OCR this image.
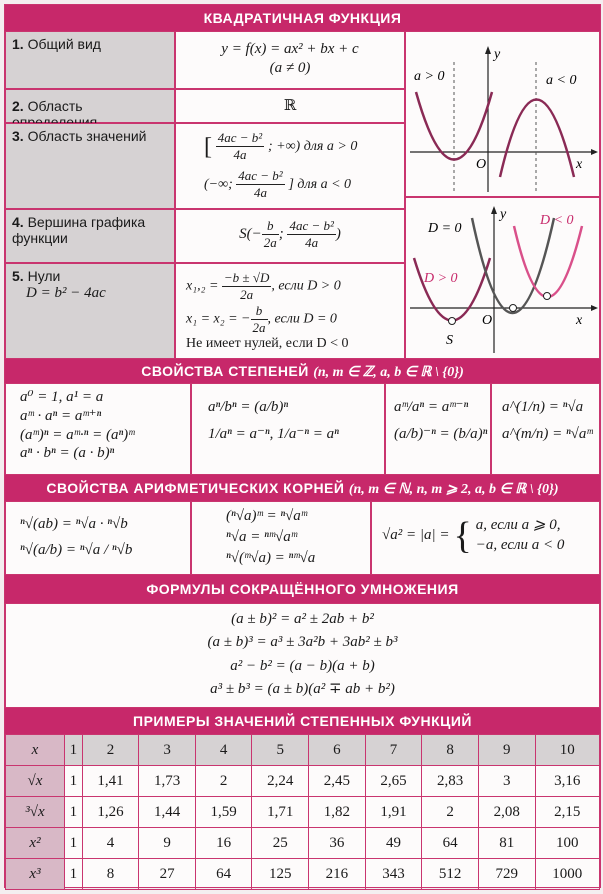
КВАДРАТИЧНАЯ ФУНКЦИЯ
1. Общий вид	y = f(x) = ax² + bx + c
(a ≠ 0)
2. Область	ℝ
3. Область значений	[ $\frac{\text{4ac − b²}}{4a}$ ; +∞) для a > 0
(−∞; $\frac{\text{4ac − b²}}{4a}$ ] для a < 0
4. Вершина графика функции	$S(- \frac{b}{2a}$ ; $\frac{\text{4ac − b²}}{4a}$ )
5. Нули
D = b² − 4ac	$x_1,_2 = \frac{-b \pm √D}{2a}$ , если D > 0
x₁ = x₂ = − $\frac{b}{2a}$ , если D = 0
Не имеет нулей, если D < 0
a > 0	a < 0
x
y
O
D = 0
D > 0
D < 0
x
y
O
S
СВОЙСТВА СТЕПЕНЕЙ (n, m ∈ ℤ, a, b ∈ ℝ \ {0})
a⁰ = 1, a¹ = a
aᵐ · aⁿ = aᵐ⁺ⁿ
(aᵐ)ⁿ = aᵐ·ⁿ = (aⁿ)ᵐ
aⁿ · bⁿ = (a · b)ⁿ
aⁿ/bⁿ = (a/b)ⁿ
1/aⁿ = a⁻ⁿ, 1/a⁻ⁿ = aⁿ
aᵐ/aⁿ = aᵐ⁻ⁿ
(a/b)⁻ⁿ = (b/a)ⁿ
a^(1/n) = ⁿ√a
a^(m/n) = ⁿ√aᵐ
СВОЙСТВА АРИФМЕТИЧЕСКИХ КОРНЕЙ (n, m ∈ ℕ, n, m ⩾ 2, a, b ∈ ℝ \ {0})
ⁿ√(ab) = ⁿ√a · ⁿ√b
ⁿ√(a/b) = ⁿ√a / ⁿ√b
(ⁿ√a)ᵐ = ⁿ√aᵐ
ⁿ√a = ⁿᵐ√aᵐ
ⁿ√(ᵐ√a) = ⁿᵐ√a
√a² = |a| = { a, если a ⩾ 0,
−a, если a < 0
ФОРМУЛЫ СОКРАЩЁННОГО УМНОЖЕНИЯ
(a ± b)² = a² ± 2ab + b²
(a ± b)³ = a³ ± 3a²b + 3ab² ± b³
a² − b² = (a − b)(a + b)
a³ ± b³ = (a ± b)(a² ∓ ab + b²)
ПРИМЕРЫ ЗНАЧЕНИЙ СТЕПЕННЫХ ФУНКЦИЙ
x	1	2	3	4	5	6	7	8	9	10
√x	1	1,41	1,73	2	2,24	2,45	2,65	2,83	3	3,16
³√x	1	1,26	1,44	1,59	1,71	1,82	1,91	2	2,08	2,15
x²	1	4	9	16	25	36	49	64	81	100
x³	1	8	27	64	125	216	343	512	729	1000
